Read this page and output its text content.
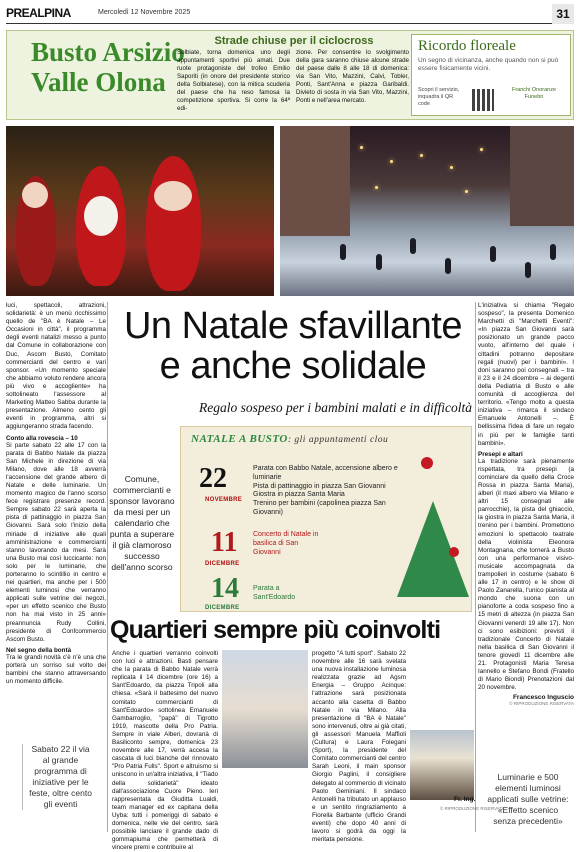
PREALPINA	Mercoledì 12 Novembre 2025	31
Busto Arsizio
Valle Olona
Strade chiuse per il ciclocross

Solbiate, torna domenica uno degli appuntamenti sportivi più amati. Due ruote protagoniste del trofeo Emilio Saporiti (in onore del presidente storico della Solbiatese), con la mitica scuderia del paese che ha reso famosa la competizione sportiva. Si corre la 64ª edi-

zione. Per consentire lo svolgimento della gara saranno chiuse alcune strade del paese dalle 8 alle 18 di domenica: via San Vito, Mazzini, Calvi, Tobler, Ponti, Sant'Anna e piazza Garibaldi. Divieto di sosta in via San Vito, Mazzini, Ponti e nell'area mercato.

Ricordo floreale
Un segno di vicinanza, anche quando non si può essere fisicamente vicini.
Scopri il servizio, inquadra il QR code
Franchi Onoranze Funebri

luci, spettacoli, attrazioni, solidarietà: è un menù ricchissimo quello de "BA è Natale – Le Occasioni in città", il programma degli eventi natalizi messo a punto dal Comune in collaborazione con Duc, Ascom Busto, Comitato commercianti del centro e vari sponsor. «Un momento speciale che abbiamo voluto rendere ancora più vivo e accogliente» ha sottolineato l'assessore al Marketing Matteo Sabba durante la presentazione. Almeno cento gli eventi in programma, altri si aggiungeranno strada facendo.

Conto alla rovescia – 10

Si parte sabato 22 alle 17 con la parata di Babbo Natale da piazza San Michele in direzione di via Milano, dove alle 18 avverrà l'accensione del grande albero di Natale e delle luminarie. Un momento magico de l'anno scorso fece registrare presenze record. Sempre sabato 22 sarà aperta la pista di pattinaggio in piazza San Giovanni. Sarà solo l'inizio della miriade di iniziative alle quali amministrazione e commercianti stanno lavorando da mesi. Sarà una Busto mai così luccicante: non solo per le luminarie, che porteranno lo scintillio in centro e nei quartieri, ma anche per i 500 elementi luminosi che verranno applicati sulle vetrine dei negozi, «per un effetto scenico che Busto non ha mai visto in 25 anni» preannuncia Rudy Collini, presidente di Confcommercio Ascom Busto.

Nel segno della bontà

Tra le grandi novità c'è n'è una che porterà un sorriso sul volto dei bambini che stanno attraversando un momento difficile.

Sabato 22 il via al grande programma di iniziative per le feste, oltre cento gli eventi
Un Natale sfavillante e anche solidale
Regalo sospeso per i bambini malati e in difficoltà
Comune, commercianti e sponsor lavorano da mesi per un calendario che punta a superare il già clamoroso successo dell'anno scorso
NATALE A BUSTO: gli appuntamenti clou
22
NOVEMBRE
Parata con Babbo Natale, accensione albero e luminarie
Pista di pattinaggio in piazza San Giovanni
Giostra in piazza Santa Maria
Trenino per bambini (capolinea piazza San Giovanni)
11
DICEMBRE
Concerto di Natale in basilica di San Giovanni
14
DICEMBRE
Parata a Sant'Edoardo

L'iniziativa si chiama "Regalo sospeso", la presenta Domenico Marchetti di "Marchetti Eventi": «In piazza San Giovanni sarà posizionato un grande pacco vuoto, all'interno del quale i cittadini potranno depositare regali (nuovi) per i bambini». I doni saranno poi consegnati – tra il 23 e il 24 dicembre – ai degenti della Pediatria di Busto e alle comunità di accoglienza del territorio. «Tengo molto a questa iniziativa – rimarca il sindaco Emanuele Antonelli –. È bellissima l'idea di fare un regalo in più per le famiglie tanti bambini».

Presepi e altari

La tradizione sarà pienamente rispettata, tra presepi (a cominciare da quello della Croce Rossa in piazza Santa Maria), alberi (il maxi albero via Milano e altri 15 consegnati alle parrocchie), la pista del ghiaccio, la giostra in piazza Santa Maria, il trenino per i bambini. Promettono emozioni lo spettacolo teatrale della violinista Eleonora Montagnana, che tornerà a Busto con una performance visivo-musicale accompagnata da trampolieri in costume (sabato 6 alle 17 in centro) e le show di Paolo Zanarella, l'unico pianista al mondo che suona con un pianoforte a coda sospeso fino a 15 metri di altezza (in piazza San Giovanni venerdì 19 alle 17). Non ci sono esibizioni: previsti il tradizionale Concerto di Natale nella basilica di San Giovanni il tenore giovedì 11 dicembre alle 21. Protagonisti Maria Teresa Iannello e Stefano Bondi (Fratello di Mario Biondi) Prenotazioni dal 20 novembre.

Francesco Inguscio
© RIPRODUZIONE RISERVATA
Luminarie e 500 elementi luminosi applicati sulle vetrine: «Effetto scenico senza precedenti»
Quartieri sempre più coinvolti

Anche i quartieri verranno coinvolti con luci e attrazioni. Basti pensare che la parata di Babbo Natale verrà replicata il 14 dicembre (ore 16) a Sant'Edoardo, da piazza Tripoli alla chiesa. «Sarà il battesimo del nuovo comitato commercianti di Sant'Edoardo» sottolinea Emanuele Gambarroglio, "papà" di Tigrotto 1919, mascotte della Pro Patria. Sempre in viale Alberi, dovranà di Basiliconto sempre, domenica 23 novembre alle 17, verrà accesa la cascata di luci bianche del rinnovato "Pro Patria Fulls". Sport e altruismo si uniscono in un'altra iniziativa, il "Tiado della solidarietà" ideato dall'associazione Cuore Pieno. Ieri rappresentata da Giuditta Lualdi, team manager ed ex capitana della Uyba: tutti i pomeriggi di sabato e domenica, nelle vie del centro, sarà possibile lanciare il grande dado di gommapiuma che permetterà di vincere premi e contribuire al

progetto "A tutti sport". Sabato 22 novembre alle 16 sarà svelata una nuova installazione luminosa realizzata grazie ad Agsm Energia – Gruppo Acinque: l'attrazione sarà posizionata accanto alla casetta di Babbo Natale in via Milano. Alla presentazione di "BA è Natale" sono intervenuti, oltre ai già citati, gli assessori Manuela Maffioli (Cultura) e Laura Folegani (Sport), la presidente del Comitato commercianti del centro Sarah Leoni, il main sponsor Giorgio Paglini, il consigliere delegato al commercio di vicinato Paolo Geminiani. Il sindaco Antonelli ha tributato un applauso e un sentito ringraziamento a Fiorella Barbante (ufficio Grandi eventi) che dopo 40 anni di lavoro si godrà da oggi la meritata pensione.

Fr. Ing.
© RIPRODUZIONE RISERVATA
